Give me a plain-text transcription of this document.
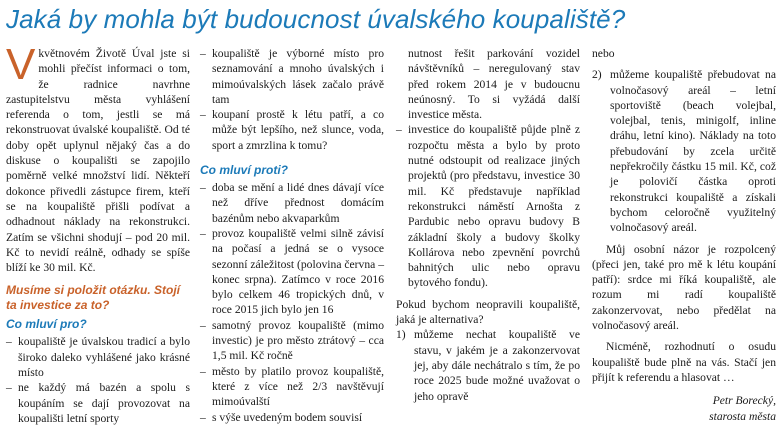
Jaká by mohla být budoucnost úvalského koupaliště?

Vkvětnovém Životě Úval jste si mohli přečíst informaci o tom, že radnice navrhne zastupitelstvu města vyhlášení referenda o tom, jestli se má rekonstruovat úvalské koupaliště. Od té doby opět uplynul nějaký čas a do diskuse o koupališti se zapojilo poměrně velké množství lidí. Někteří dokonce přivedli zástupce firem, kteří se na koupaliště přišli podívat a odhadnout náklady na rekonstrukci. Zatím se všichni shodují – pod 20 mil. Kč to nevidí reálně, odhady se spíše blíží ke 30 mil. Kč.

Musíme si položit otázku. Stojí ta investice za to?
Co mluví pro?
– koupaliště je úvalskou tradicí a bylo široko daleko vyhlášené jako krásné místo
– ne každý má bazén a spolu s koupáním se dají provozovat na koupališti letní sporty
– koupaliště je výborné místo pro seznamování a mnoho úvalských i mimoúvalských lásek začalo právě tam
– koupaní prostě k létu patří, a co může být lepšího, než slunce, voda, sport a zmrzlina k tomu?
Co mluví proti?
– doba se mění a lidé dnes dávají více než dříve přednost domácím bazénům nebo akvaparkům
– provoz koupaliště velmi silně závisí na počasí a jedná se o vysoce sezonní záležitost (polovina června – konec srpna). Zatímco v roce 2016 bylo celkem 46 tropických dnů, v roce 2015 jich bylo jen 16
– samotný provoz koupaliště (mimo investic) je pro město ztrátový – cca 1,5 mil. Kč ročně
– město by platilo provoz koupaliště, které z více než 2/3 navštěvují mimoúvalští
– s výše uvedeným bodem souvisí
nutnost řešit parkování vozidel návštěvníků – neregulovaný stav před rokem 2014 je v budoucnu neúnosný. To si vyžádá další investice města.
– investice do koupaliště půjde plně z rozpočtu města a bylo by proto nutné odstoupit od realizace jiných projektů (pro představu, investice 30 mil. Kč představuje například rekonstrukci náměstí Arnošta z Pardubic nebo opravu budovy B základní školy a budovy školky Kollárova nebo zpevnění povrchů bahnitých ulic nebo opravu bytového fondu).

Pokud bychom neopravili koupaliště, jaká je alternativa?

1) můžeme nechat koupaliště ve stavu, v jakém je a zakonzervovat jej, aby dále nechátralo s tím, že po roce 2025 bude možné uvažovat o jeho opravě

nebo

2) můžeme koupaliště přebudovat na volnočasový areál – letní sportoviště (beach volejbal, volejbal, tenis, minigolf, inline dráhu, letní kino). Náklady na toto přebudování by zcela určitě nepřekročily částku 15 mil. Kč, což je polovičí částka oproti rekonstrukci koupaliště a získali bychom celoročně využitelný volnočasový areál.

Můj osobní názor je rozpolcený (přeci jen, také pro mě k létu koupání patří): srdce mi říká koupaliště, ale rozum mi radí koupaliště zakonzervovat, nebo předělat na volnočasový areál.

Nicméně, rozhodnutí o osudu koupaliště bude plně na vás. Stačí jen přijít k referendu a hlasovat …

Petr Borecký,
starosta města
